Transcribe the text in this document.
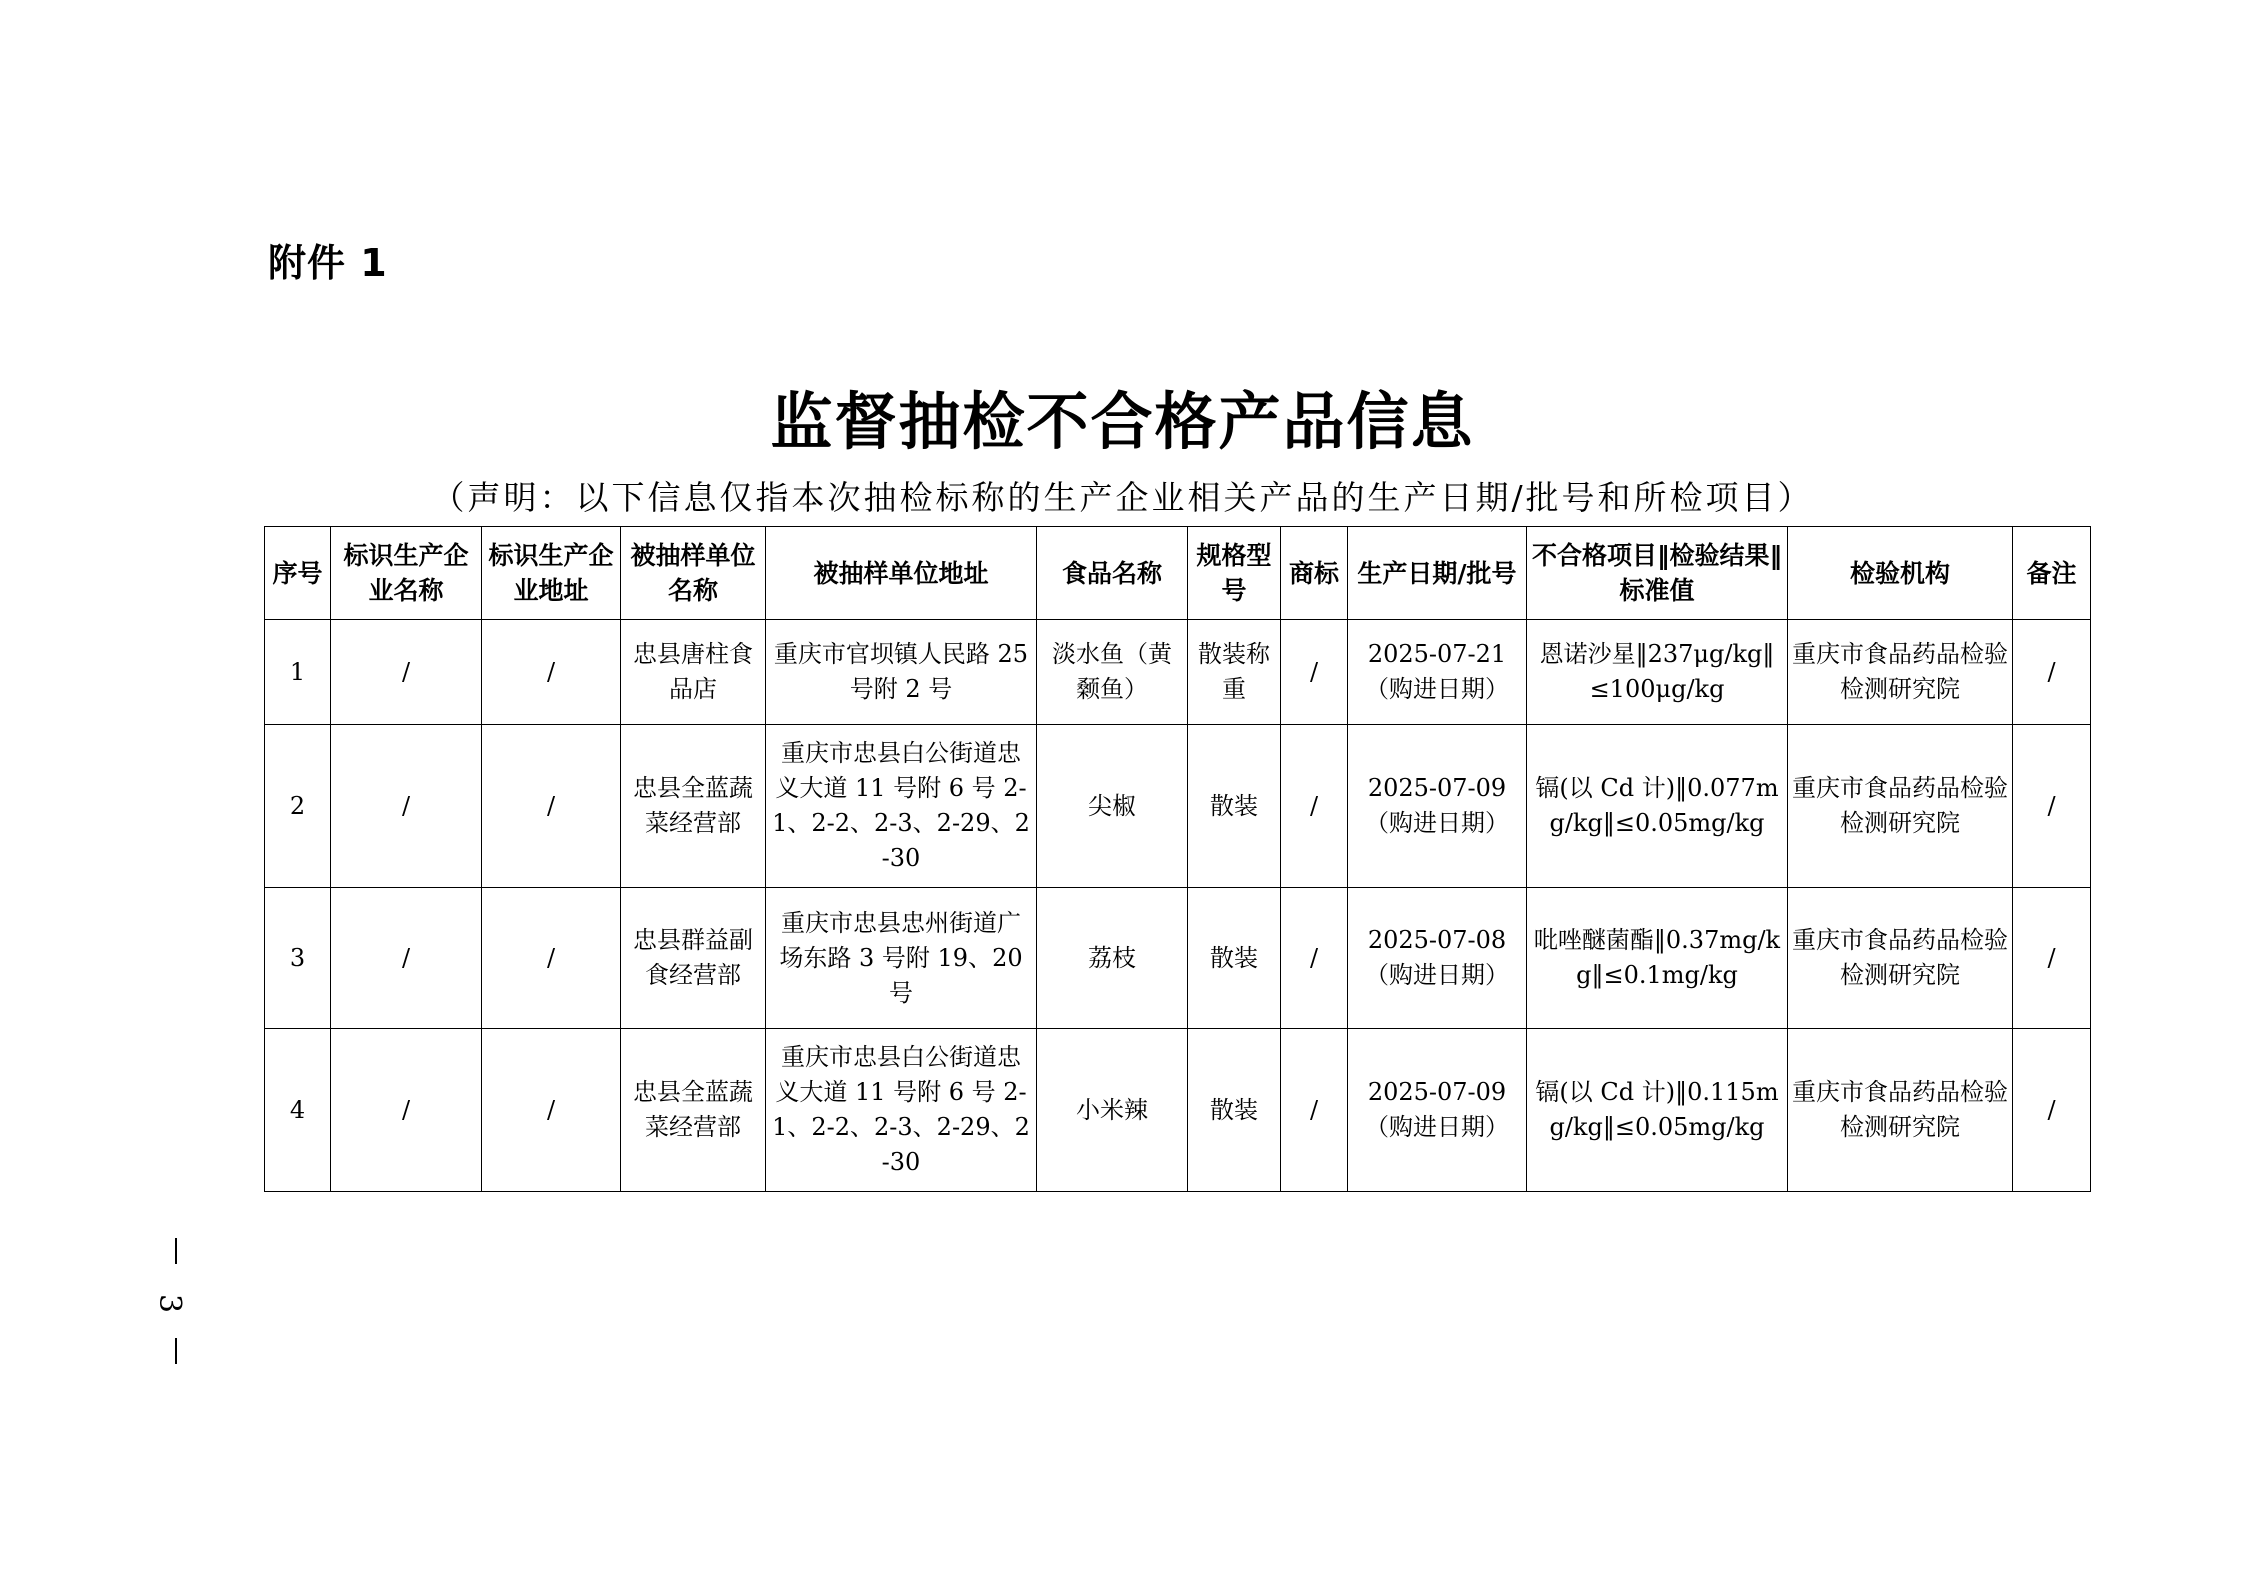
附件 1
监督抽检不合格产品信息
（声明：以下信息仅指本次抽检标称的生产企业相关产品的生产日期/批号和所检项目）
序号	标识生产企业名称	标识生产企业地址	被抽样单位名称	被抽样单位地址	食品名称	规格型号	商标	生产日期/批号	不合格项目‖检验结果‖标准值	检验机构	备注
1	/	/	忠县唐柱食品店	重庆市官坝镇人民路 25 号附 2 号	淡水鱼（黄颡鱼）	散装称重	/	2025-07-21（购进日期）	恩诺沙星‖237μg/kg‖≤100μg/kg	重庆市食品药品检验检测研究院	/
2	/	/	忠县全蓝蔬菜经营部	重庆市忠县白公街道忠义大道 11 号附 6 号 2-1、2-2、2-3、2-29、2-30	尖椒	散装	/	2025-07-09（购进日期）	镉(以 Cd 计)‖0.077mg/kg‖≤0.05mg/kg	重庆市食品药品检验检测研究院	/
3	/	/	忠县群益副食经营部	重庆市忠县忠州街道广场东路 3 号附 19、20 号	荔枝	散装	/	2025-07-08（购进日期）	吡唑醚菌酯‖0.37mg/kg‖≤0.1mg/kg	重庆市食品药品检验检测研究院	/
4	/	/	忠县全蓝蔬菜经营部	重庆市忠县白公街道忠义大道 11 号附 6 号 2-1、2-2、2-3、2-29、2-30	小米辣	散装	/	2025-07-09（购进日期）	镉(以 Cd 计)‖0.115mg/kg‖≤0.05mg/kg	重庆市食品药品检验检测研究院	/
3
